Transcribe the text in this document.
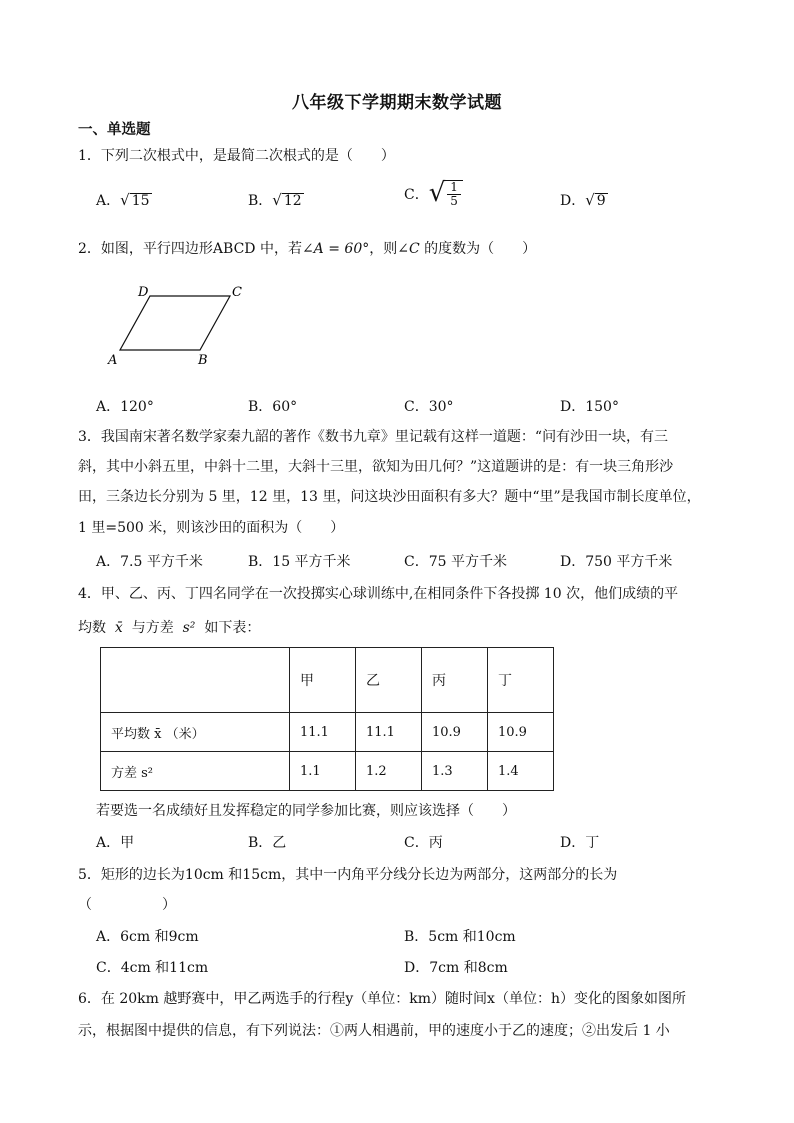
八年级下学期期末数学试题
一、单选题
1．下列二次根式中，是最简二次根式的是（　　）
A． √ 15	B． √ 12	C． √ $\frac{1}{5}$	D． √ 9
2．如图，平行四边形ABCD 中，若∠A = 60°，则∠C 的度数为（　　）
A	B
C
D
A．120°	B．60°	C．30°	D．150°
3．我国南宋著名数学家秦九韶的著作《数书九章》里记载有这样一道题：“问有沙田一块，有三
斜，其中小斜五里，中斜十二里，大斜十三里，欲知为田几何？”这道题讲的是：有一块三角形沙
田，三条边长分别为 5 里，12 里，13 里，问这块沙田面积有多大？题中“里”是我国市制长度单位，
1 里=500 米，则该沙田的面积为（　　）
A．7.5 平方千米	B．15 平方千米	C．75 平方千米	D．750 平方千米
4．甲、乙、丙、丁四名同学在一次投掷实心球训练中,在相同条件下各投掷 10 次，他们成绩的平
均数 x̄ 与方差 s² 如下表：
	甲	乙	丙	丁
平均数 x̄ （米）	11.1	11.1	10.9	10.9
方差 s²	1.1	1.2	1.3	1.4
若要选一名成绩好且发挥稳定的同学参加比赛，则应该选择（　　）
A．甲	B．乙	C．丙	D．丁
5．矩形的边长为10cm 和15cm，其中一内角平分线分长边为两部分，这两部分的长为
（　　　　　）
A．6cm 和9cm	B．5cm 和10cm
C．4cm 和11cm	D．7cm 和8cm
6．在 20km 越野赛中，甲乙两选手的行程y（单位：km）随时间x（单位：h）变化的图象如图所
示，根据图中提供的信息，有下列说法：①两人相遇前，甲的速度小于乙的速度；②出发后 1 小
